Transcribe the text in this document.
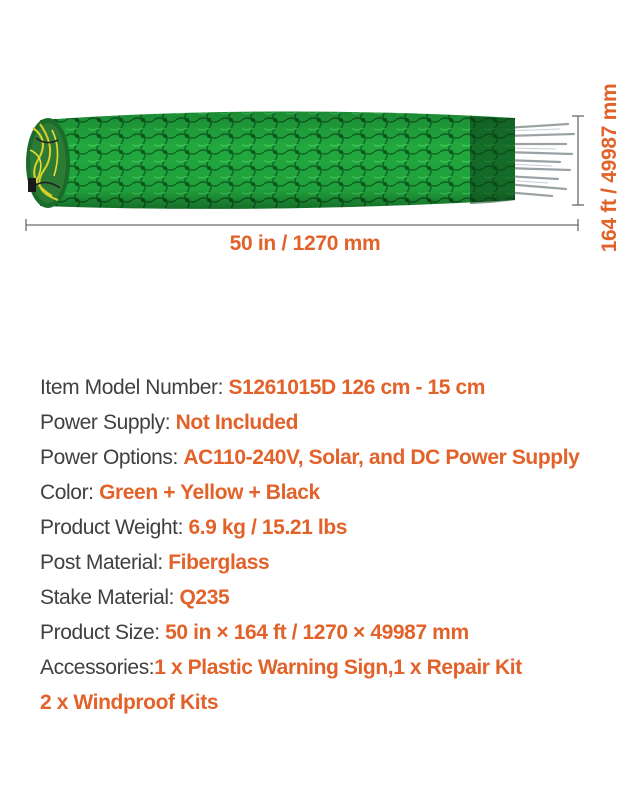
50 in / 1270 mm	164 ft / 49987 mm
Item Model Number: S1261015D 126 cm - 15 cm
Power Supply: Not Included
Power Options: AC110-240V, Solar, and DC Power Supply
Color: Green + Yellow + Black
Product Weight: 6.9 kg / 15.21 lbs
Post Material: Fiberglass
Stake Material: Q235
Product Size: 50 in × 164 ft / 1270 × 49987 mm
Accessories:1 x Plastic Warning Sign,1 x Repair Kit
2 x Windproof Kits
